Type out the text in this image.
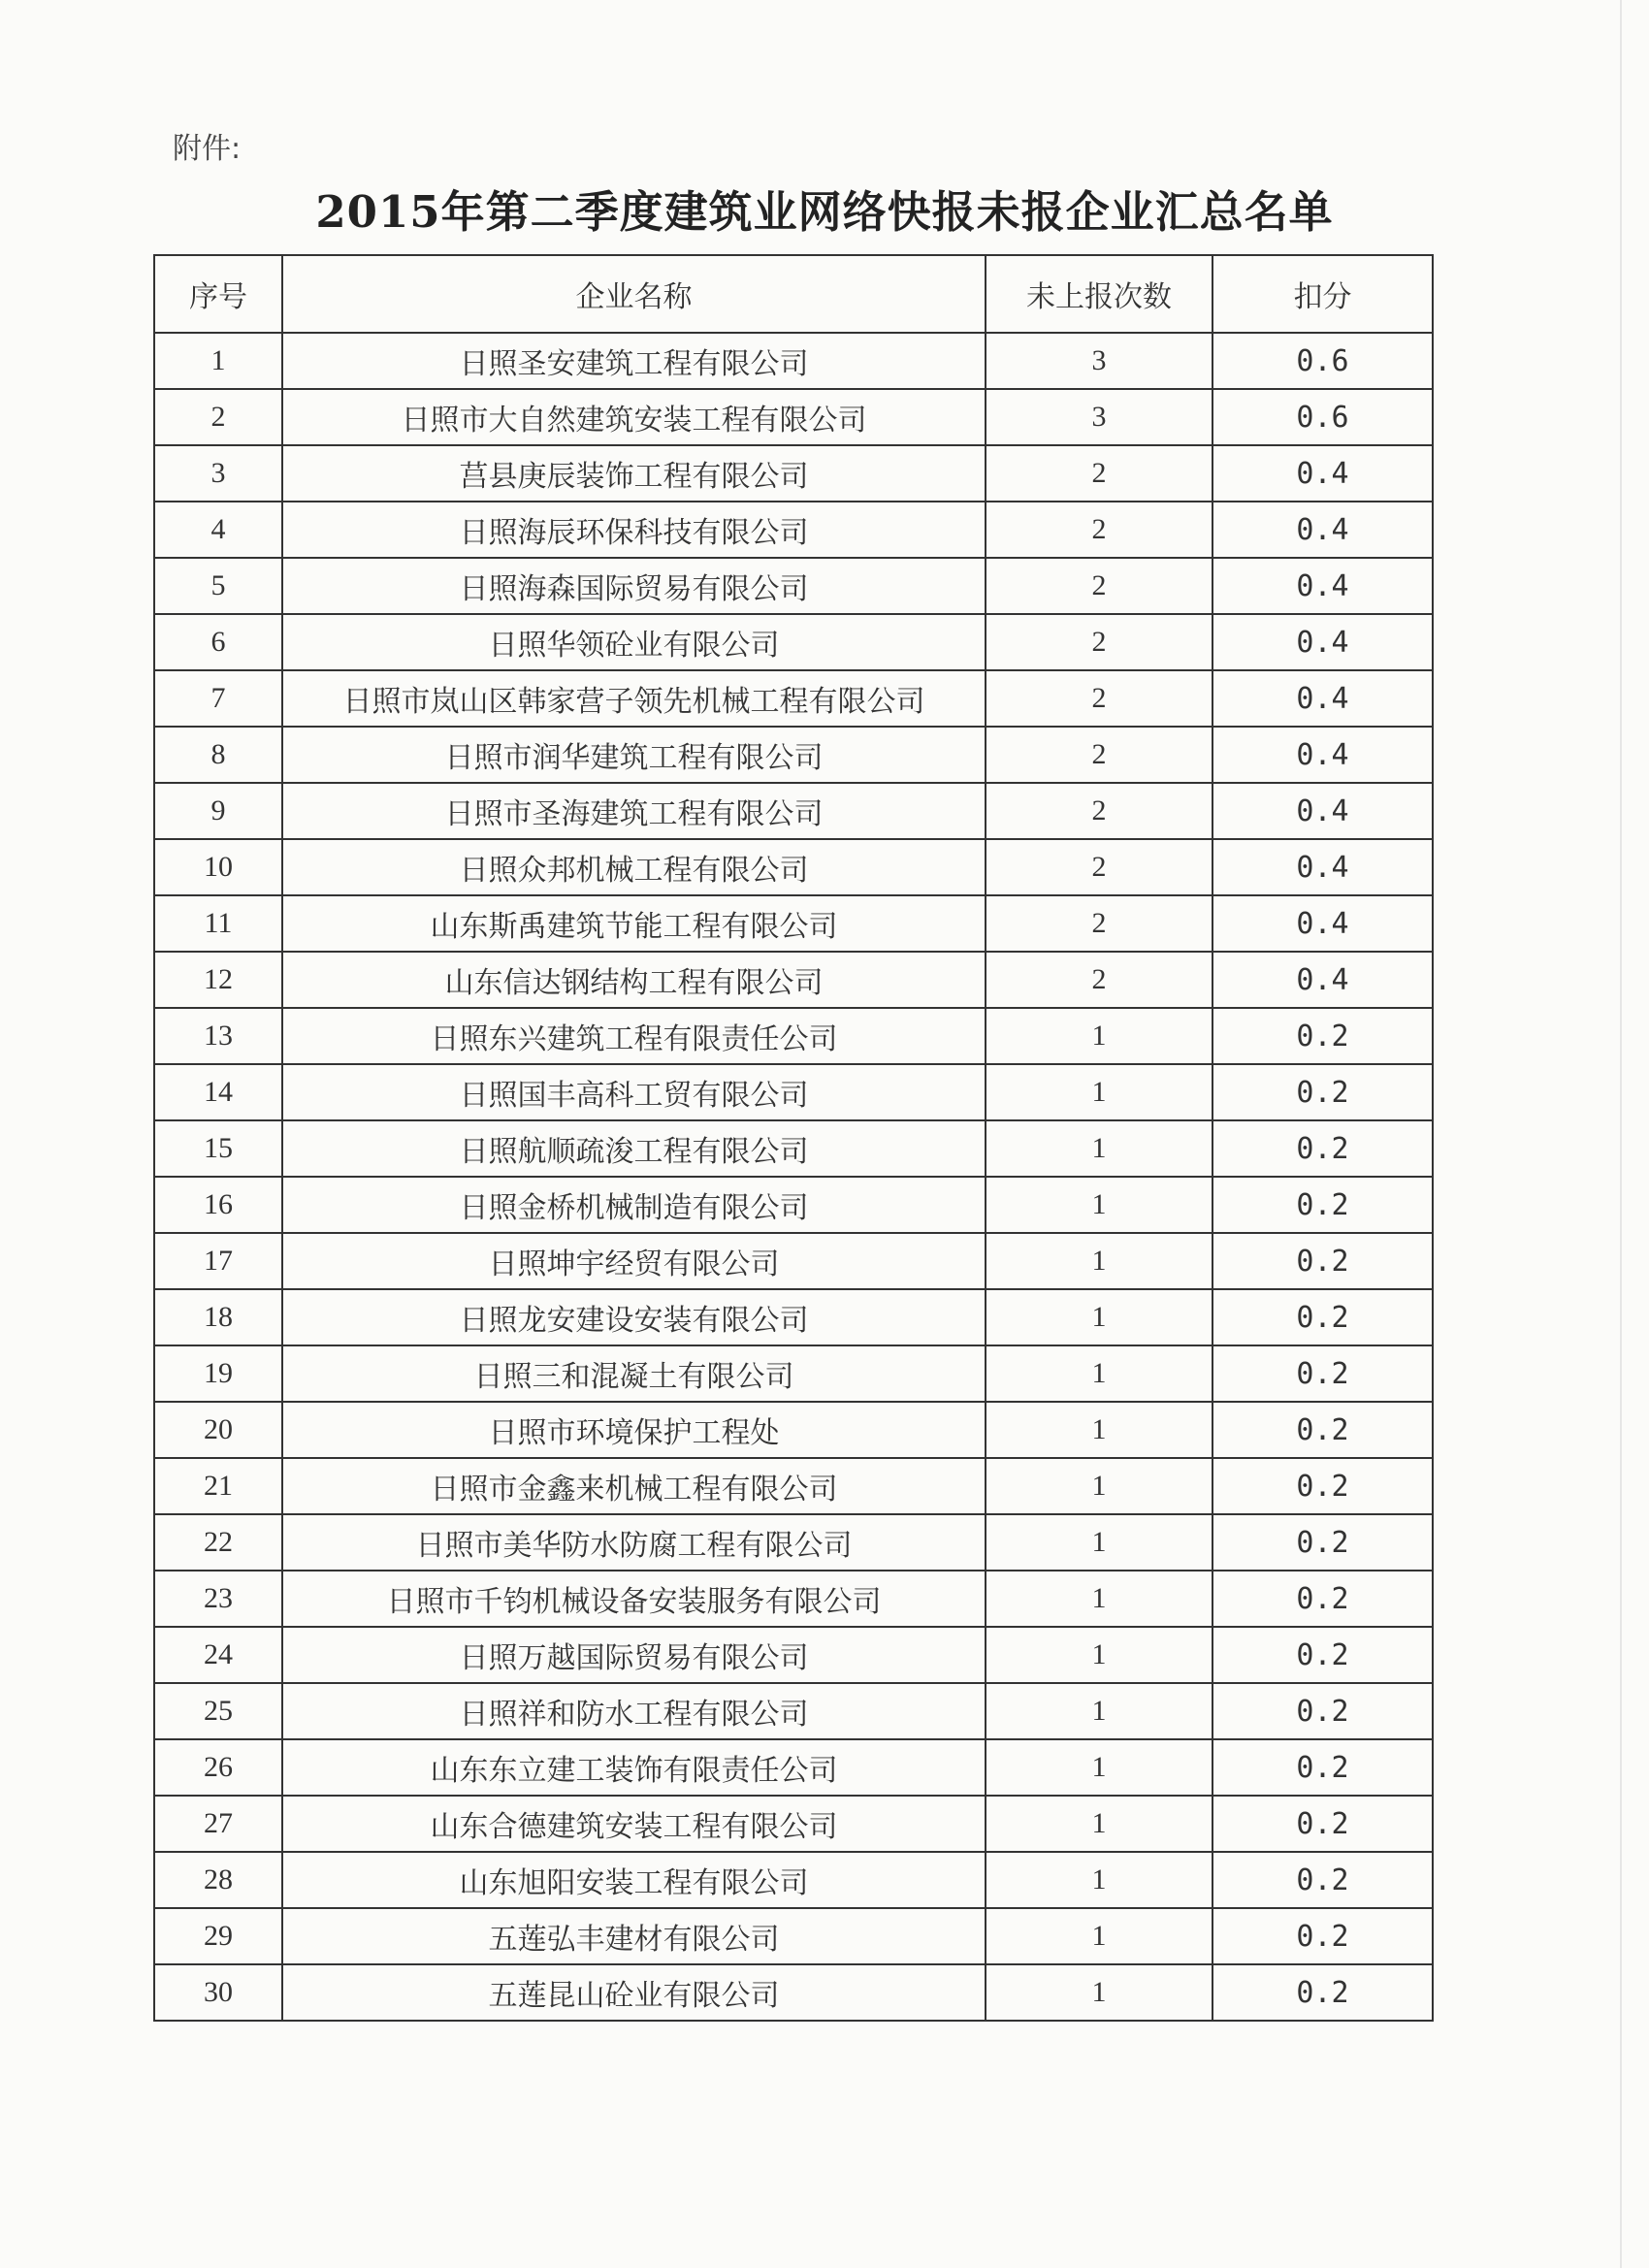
附件:
2015年第二季度建筑业网络快报未报企业汇总名单
序号	企业名称	未上报次数	扣分
1	日照圣安建筑工程有限公司	3	0.6
2	日照市大自然建筑安装工程有限公司	3	0.6
3	莒县庚辰装饰工程有限公司	2	0.4
4	日照海辰环保科技有限公司	2	0.4
5	日照海森国际贸易有限公司	2	0.4
6	日照华领砼业有限公司	2	0.4
7	日照市岚山区韩家营子领先机械工程有限公司	2	0.4
8	日照市润华建筑工程有限公司	2	0.4
9	日照市圣海建筑工程有限公司	2	0.4
10	日照众邦机械工程有限公司	2	0.4
11	山东斯禹建筑节能工程有限公司	2	0.4
12	山东信达钢结构工程有限公司	2	0.4
13	日照东兴建筑工程有限责任公司	1	0.2
14	日照国丰高科工贸有限公司	1	0.2
15	日照航顺疏浚工程有限公司	1	0.2
16	日照金桥机械制造有限公司	1	0.2
17	日照坤宇经贸有限公司	1	0.2
18	日照龙安建设安装有限公司	1	0.2
19	日照三和混凝土有限公司	1	0.2
20	日照市环境保护工程处	1	0.2
21	日照市金鑫来机械工程有限公司	1	0.2
22	日照市美华防水防腐工程有限公司	1	0.2
23	日照市千钧机械设备安装服务有限公司	1	0.2
24	日照万越国际贸易有限公司	1	0.2
25	日照祥和防水工程有限公司	1	0.2
26	山东东立建工装饰有限责任公司	1	0.2
27	山东合德建筑安装工程有限公司	1	0.2
28	山东旭阳安装工程有限公司	1	0.2
29	五莲弘丰建材有限公司	1	0.2
30	五莲昆山砼业有限公司	1	0.2
